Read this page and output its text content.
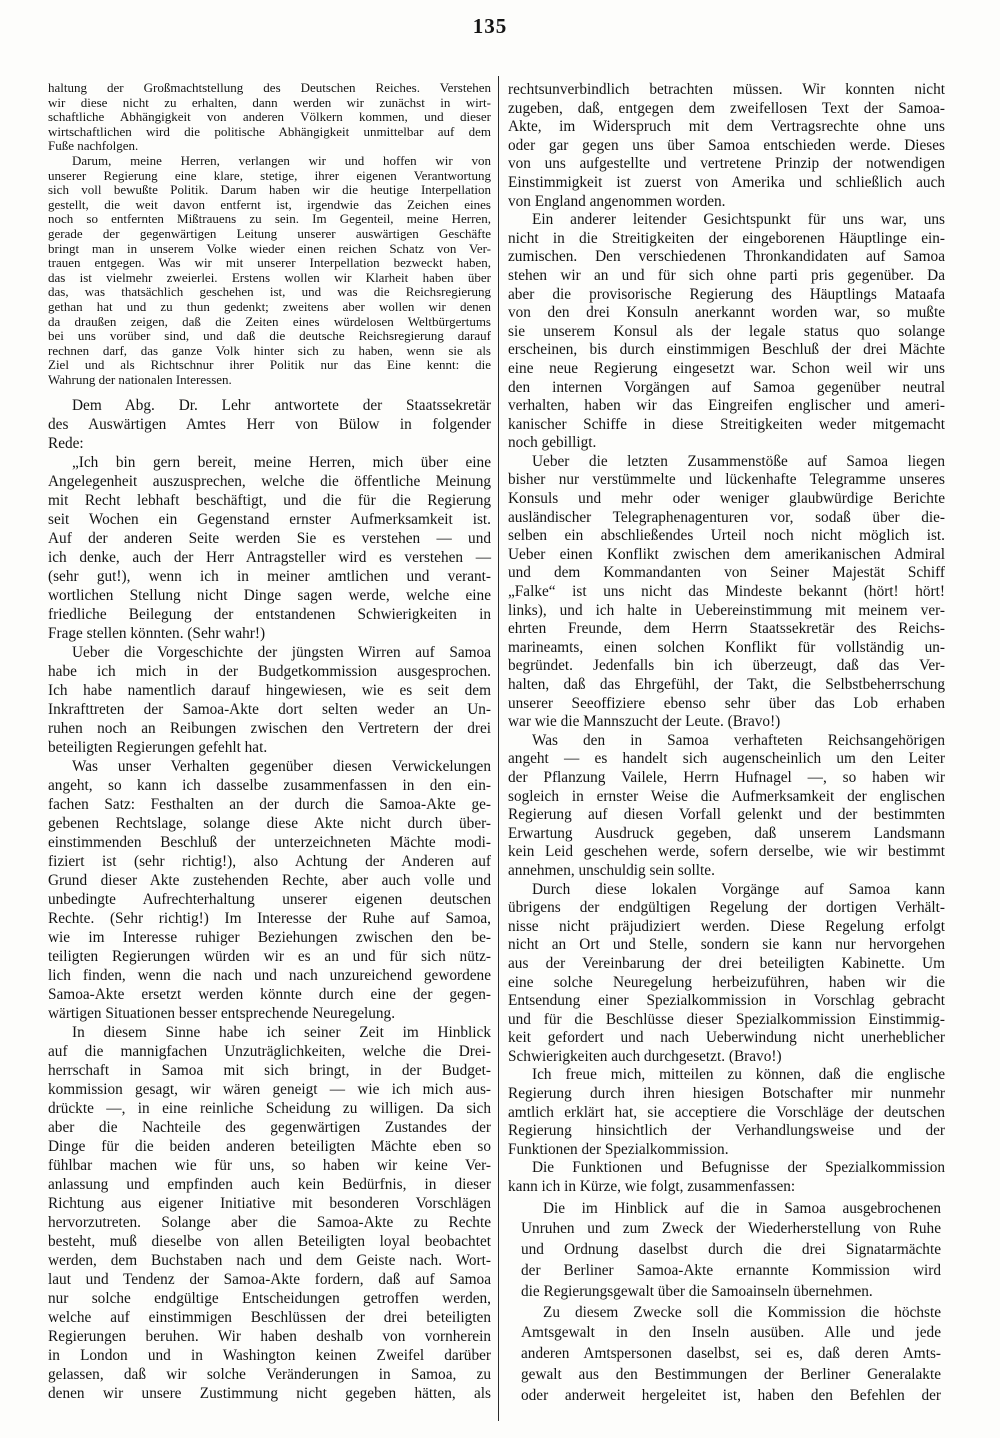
135
haltung der Großmachtstellung des Deutschen Reiches. Verstehen
wir diese nicht zu erhalten, dann werden wir zunächst in wirt-
schaftliche Abhängigkeit von anderen Völkern kommen, und dieser
wirtschaftlichen wird die politische Abhängigkeit unmittelbar auf dem
Fuße nachfolgen.
Darum, meine Herren, verlangen wir und hoffen wir von
unserer Regierung eine klare, stetige, ihrer eigenen Verantwortung
sich voll bewußte Politik. Darum haben wir die heutige Interpellation
gestellt, die weit davon entfernt ist, irgendwie das Zeichen eines
noch so entfernten Mißtrauens zu sein. Im Gegenteil, meine Herren,
gerade der gegenwärtigen Leitung unserer auswärtigen Geschäfte
bringt man in unserem Volke wieder einen reichen Schatz von Ver-
trauen entgegen. Was wir mit unserer Interpellation bezweckt haben,
das ist vielmehr zweierlei. Erstens wollen wir Klarheit haben über
das, was thatsächlich geschehen ist, und was die Reichsregierung
gethan hat und zu thun gedenkt; zweitens aber wollen wir denen
da draußen zeigen, daß die Zeiten eines würdelosen Weltbürgertums
bei uns vorüber sind, und daß die deutsche Reichsregierung darauf
rechnen darf, das ganze Volk hinter sich zu haben, wenn sie als
Ziel und als Richtschnur ihrer Politik nur das Eine kennt: die
Wahrung der nationalen Interessen.
Dem Abg. Dr. Lehr antwortete der Staatssekretär
des Auswärtigen Amtes Herr von Bülow in folgender
Rede:
„Ich bin gern bereit, meine Herren, mich über eine
Angelegenheit auszusprechen, welche die öffentliche Meinung
mit Recht lebhaft beschäftigt, und die für die Regierung
seit Wochen ein Gegenstand ernster Aufmerksamkeit ist.
Auf der anderen Seite werden Sie es verstehen — und
ich denke, auch der Herr Antragsteller wird es verstehen —
(sehr gut!), wenn ich in meiner amtlichen und verant-
wortlichen Stellung nicht Dinge sagen werde, welche eine
friedliche Beilegung der entstandenen Schwierigkeiten in
Frage stellen könnten. (Sehr wahr!)
Ueber die Vorgeschichte der jüngsten Wirren auf Samoa
habe ich mich in der Budgetkommission ausgesprochen.
Ich habe namentlich darauf hingewiesen, wie es seit dem
Inkrafttreten der Samoa-Akte dort selten weder an Un-
ruhen noch an Reibungen zwischen den Vertretern der drei
beteiligten Regierungen gefehlt hat.
Was unser Verhalten gegenüber diesen Verwickelungen
angeht, so kann ich dasselbe zusammenfassen in den ein-
fachen Satz: Festhalten an der durch die Samoa-Akte ge-
gebenen Rechtslage, solange diese Akte nicht durch über-
einstimmenden Beschluß der unterzeichneten Mächte modi-
fiziert ist (sehr richtig!), also Achtung der Anderen auf
Grund dieser Akte zustehenden Rechte, aber auch volle und
unbedingte Aufrechterhaltung unserer eigenen deutschen
Rechte. (Sehr richtig!) Im Interesse der Ruhe auf Samoa,
wie im Interesse ruhiger Beziehungen zwischen den be-
teiligten Regierungen würden wir es an und für sich nütz-
lich finden, wenn die nach und nach unzureichend gewordene
Samoa-Akte ersetzt werden könnte durch eine der gegen-
wärtigen Situationen besser entsprechende Neuregelung.
In diesem Sinne habe ich seiner Zeit im Hinblick
auf die mannigfachen Unzuträglichkeiten, welche die Drei-
herrschaft in Samoa mit sich bringt, in der Budget-
kommission gesagt, wir wären geneigt — wie ich mich aus-
drückte —, in eine reinliche Scheidung zu willigen. Da sich
aber die Nachteile des gegenwärtigen Zustandes der
Dinge für die beiden anderen beteiligten Mächte eben so
fühlbar machen wie für uns, so haben wir keine Ver-
anlassung und empfinden auch kein Bedürfnis, in dieser
Richtung aus eigener Initiative mit besonderen Vorschlägen
hervorzutreten. Solange aber die Samoa-Akte zu Rechte
besteht, muß dieselbe von allen Beteiligten loyal beobachtet
werden, dem Buchstaben nach und dem Geiste nach. Wort-
laut und Tendenz der Samoa-Akte fordern, daß auf Samoa
nur solche endgültige Entscheidungen getroffen werden,
welche auf einstimmigen Beschlüssen der drei beteiligten
Regierungen beruhen. Wir haben deshalb von vornherein
in London und in Washington keinen Zweifel darüber
gelassen, daß wir solche Veränderungen in Samoa, zu
denen wir unsere Zustimmung nicht gegeben hätten, als
rechtsunverbindlich betrachten müssen. Wir konnten nicht
zugeben, daß, entgegen dem zweifellosen Text der Samoa-
Akte, im Widerspruch mit dem Vertragsrechte ohne uns
oder gar gegen uns über Samoa entschieden werde. Dieses
von uns aufgestellte und vertretene Prinzip der notwendigen
Einstimmigkeit ist zuerst von Amerika und schließlich auch
von England angenommen worden.
Ein anderer leitender Gesichtspunkt für uns war, uns
nicht in die Streitigkeiten der eingeborenen Häuptlinge ein-
zumischen. Den verschiedenen Thronkandidaten auf Samoa
stehen wir an und für sich ohne parti pris gegenüber. Da
aber die provisorische Regierung des Häuptlings Mataafa
von den drei Konsuln anerkannt worden war, so mußte
sie unserem Konsul als der legale status quo solange
erscheinen, bis durch einstimmigen Beschluß der drei Mächte
eine neue Regierung eingesetzt war. Schon weil wir uns
den internen Vorgängen auf Samoa gegenüber neutral
verhalten, haben wir das Eingreifen englischer und ameri-
kanischer Schiffe in diese Streitigkeiten weder mitgemacht
noch gebilligt.
Ueber die letzten Zusammenstöße auf Samoa liegen
bisher nur verstümmelte und lückenhafte Telegramme unseres
Konsuls und mehr oder weniger glaubwürdige Berichte
ausländischer Telegraphenagenturen vor, sodaß über die-
selben ein abschließendes Urteil noch nicht möglich ist.
Ueber einen Konflikt zwischen dem amerikanischen Admiral
und dem Kommandanten von Seiner Majestät Schiff
„Falke“ ist uns nicht das Mindeste bekannt (hört! hört!
links), und ich halte in Uebereinstimmung mit meinem ver-
ehrten Freunde, dem Herrn Staatssekretär des Reichs-
marineamts, einen solchen Konflikt für vollständig un-
begründet. Jedenfalls bin ich überzeugt, daß das Ver-
halten, daß das Ehrgefühl, der Takt, die Selbstbeherrschung
unserer Seeoffiziere ebenso sehr über das Lob erhaben
war wie die Mannszucht der Leute. (Bravo!)
Was den in Samoa verhafteten Reichsangehörigen
angeht — es handelt sich augenscheinlich um den Leiter
der Pflanzung Vailele, Herrn Hufnagel —, so haben wir
sogleich in ernster Weise die Aufmerksamkeit der englischen
Regierung auf diesen Vorfall gelenkt und der bestimmten
Erwartung Ausdruck gegeben, daß unserem Landsmann
kein Leid geschehen werde, sofern derselbe, wie wir bestimmt
annehmen, unschuldig sein sollte.
Durch diese lokalen Vorgänge auf Samoa kann
übrigens der endgültigen Regelung der dortigen Verhält-
nisse nicht präjudiziert werden. Diese Regelung erfolgt
nicht an Ort und Stelle, sondern sie kann nur hervorgehen
aus der Vereinbarung der drei beteiligten Kabinette. Um
eine solche Neuregelung herbeizuführen, haben wir die
Entsendung einer Spezialkommission in Vorschlag gebracht
und für die Beschlüsse dieser Spezialkommission Einstimmig-
keit gefordert und nach Ueberwindung nicht unerheblicher
Schwierigkeiten auch durchgesetzt. (Bravo!)
Ich freue mich, mitteilen zu können, daß die englische
Regierung durch ihren hiesigen Botschafter mir nunmehr
amtlich erklärt hat, sie acceptiere die Vorschläge der deutschen
Regierung hinsichtlich der Verhandlungsweise und der
Funktionen der Spezialkommission.
Die Funktionen und Befugnisse der Spezialkommission
kann ich in Kürze, wie folgt, zusammenfassen:
Die im Hinblick auf die in Samoa ausgebrochenen
Unruhen und zum Zweck der Wiederherstellung von Ruhe
und Ordnung daselbst durch die drei Signatarmächte
der Berliner Samoa-Akte ernannte Kommission wird
die Regierungsgewalt über die Samoainseln übernehmen.
Zu diesem Zwecke soll die Kommission die höchste
Amtsgewalt in den Inseln ausüben. Alle und jede
anderen Amtspersonen daselbst, sei es, daß deren Amts-
gewalt aus den Bestimmungen der Berliner Generalakte
oder anderweit hergeleitet ist, haben den Befehlen der
